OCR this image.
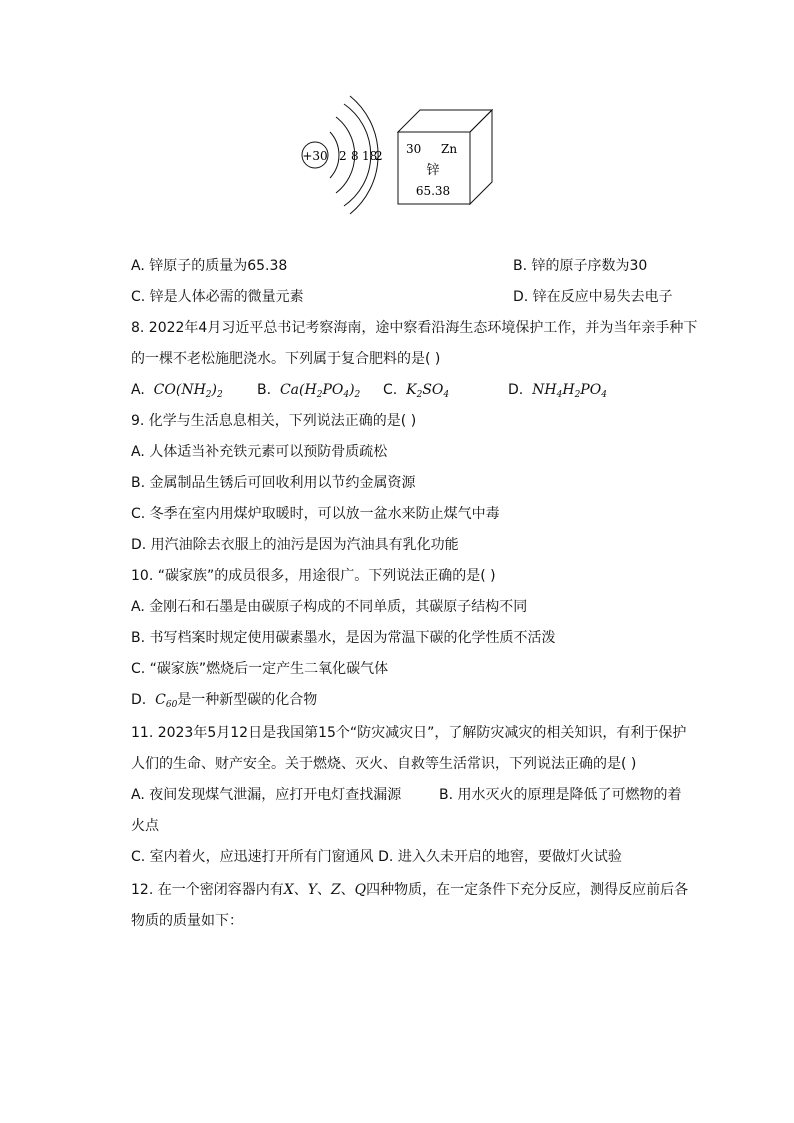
+30 2 8 18
2 30 Zn
锌
65.38
A. 锌原子的质量为65.38	B. 锌的原子序数为30
C. 锌是人体必需的微量元素	D. 锌在反应中易失去电子
8. 2022年4月习近平总书记考察海南，途中察看沿海生态环境保护工作，并为当年亲手种下
的一棵不老松施肥浇水。下列属于复合肥料的是( )
A.  $CO(NH_2)_2$ B.  $Ca(H_2PO_4)_2$ C.  $K_2SO_4$	D.  $NH_4H_2PO_4$
9. 化学与生活息息相关，下列说法正确的是( )
A. 人体适当补充铁元素可以预防骨质疏松
B. 金属制品生锈后可回收利用以节约金属资源
C. 冬季在室内用煤炉取暖时，可以放一盆水来防止煤气中毒
D. 用汽油除去衣服上的油污是因为汽油具有乳化功能
10. “碳家族”的成员很多，用途很广。下列说法正确的是( )
A. 金刚石和石墨是由碳原子构成的不同单质，其碳原子结构不同
B. 书写档案时规定使用碳素墨水，是因为常温下碳的化学性质不活泼
C. “碳家族”燃烧后一定产生二氧化碳气体
D.  $C_{60}$是一种新型碳的化合物
11. 2023年5月12日是我国第15个“防灾减灾日”，了解防灾减灾的相关知识，有利于保护
人们的生命、财产安全。关于燃烧、灭火、自救等生活常识，下列说法正确的是( )
A. 夜间发现煤气泄漏，应打开电灯查找漏源	B. 用水灭火的原理是降低了可燃物的着
火点
C. 室内着火，应迅速打开所有门窗通风 D. 进入久未开启的地窖，要做灯火试验
12. 在一个密闭容器内有X、Y、Z、Q四种物质，在一定条件下充分反应，测得反应前后各
物质的质量如下：
